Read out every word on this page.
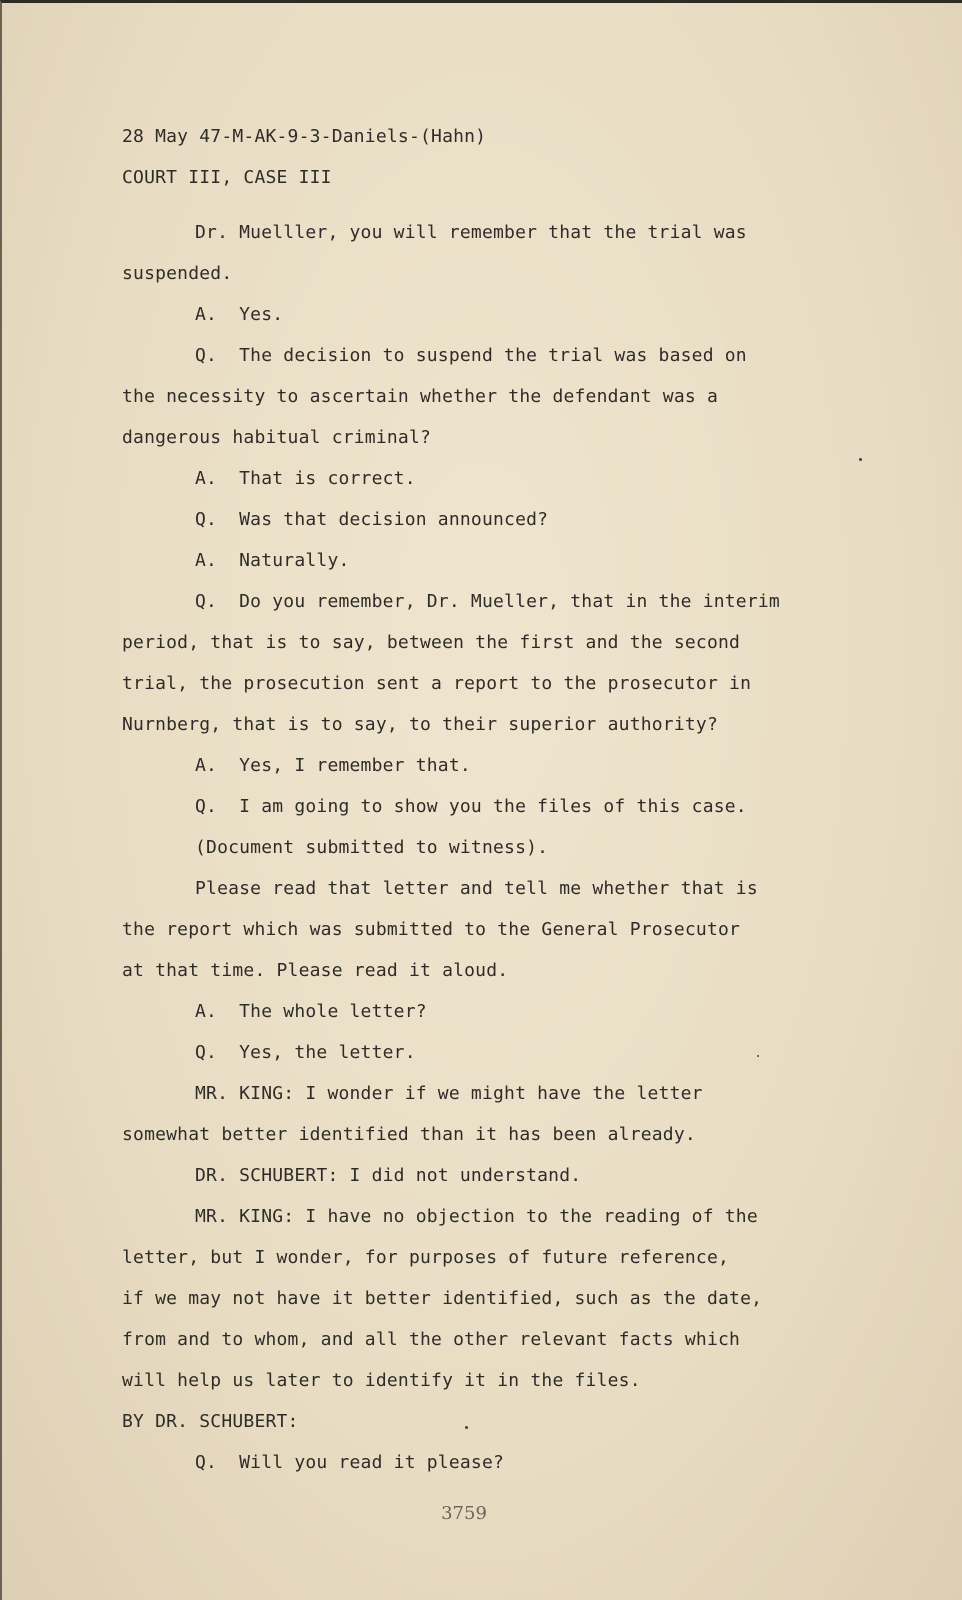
28 May 47-M-AK-9-3-Daniels-(Hahn)
COURT III, CASE III
Dr. Muelller, you will remember that the trial was
suspended.
A.  Yes.
Q.  The decision to suspend the trial was based on
the necessity to ascertain whether the defendant was a
dangerous habitual criminal?
A.  That is correct.
Q.  Was that decision announced?
A.  Naturally.
Q.  Do you remember, Dr. Mueller, that in the interim
period, that is to say, between the first and the second
trial, the prosecution sent a report to the prosecutor in
Nurnberg, that is to say, to their superior authority?
A.  Yes, I remember that.
Q.  I am going to show you the files of this case.
(Document submitted to witness).
Please read that letter and tell me whether that is
the report which was submitted to the General Prosecutor
at that time. Please read it aloud.
A.  The whole letter?
Q.  Yes, the letter.
MR. KING: I wonder if we might have the letter
somewhat better identified than it has been already.
DR. SCHUBERT: I did not understand.
MR. KING: I have no objection to the reading of the
letter, but I wonder, for purposes of future reference,
if we may not have it better identified, such as the date,
from and to whom, and all the other relevant facts which
will help us later to identify it in the files.
BY DR. SCHUBERT:
Q.  Will you read it please?
3759
